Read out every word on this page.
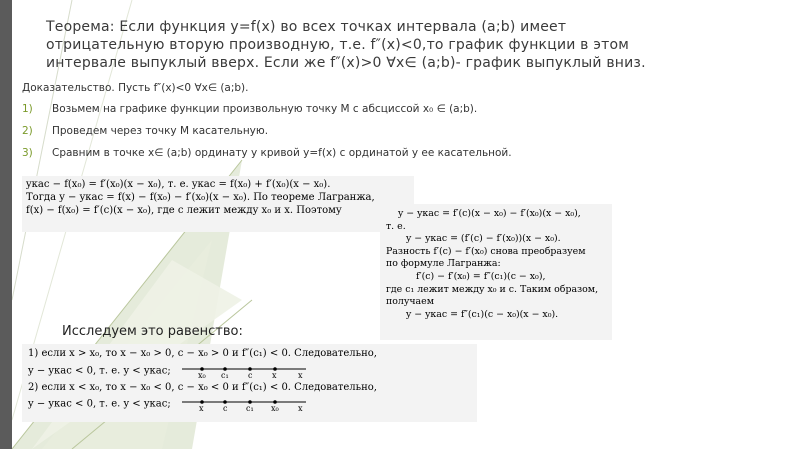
Теорема: Если функция y=f(x) во всех точках интервала (a;b) имеет
отрицательную вторую производную, т.е. f″(x)<0,то график функции в этом
интервале выпуклый вверх. Если же f″(x)>0 ∀x∈ (a;b)- график выпуклый вниз.

Доказательство. Пусть f″(x)<0 ∀x∈ (a;b).

1) Возьмем на графике функции произвольную точку M с абсциссой x₀ ∈ (a;b).
2) Проведем через точку M касательную.
3) Сравним в точке x∈ (a;b) ординату y кривой y=f(x) с ординатой y ее касательной.
yкас − f(x₀) = f′(x₀)(x − x₀), т. е. yкас = f(x₀) + f′(x₀)(x − x₀).
Тогда y − yкас = f(x) − f(x₀) − f′(x₀)(x − x₀). По теореме Лагранжа,
f(x) − f(x₀) = f′(c)(x − x₀), где c лежит между x₀ и x. Поэтому	y − yкас = f′(c)(x − x₀) − f′(x₀)(x − x₀),
т. е.
y − yкас = (f′(c) − f′(x₀))(x − x₀).
Разность f′(c) − f′(x₀) снова преобразуем
по формуле Лагранжа:
f′(c) − f′(x₀) = f″(c₁)(c − x₀),
где c₁ лежит между x₀ и c. Таким образом,
получаем
y − yкас = f″(c₁)(c − x₀)(x − x₀).
Исследуем это равенство:
1) если x > x₀, то x − x₀ > 0, c − x₀ > 0 и f″(c₁) < 0. Следовательно,
y − yкас < 0, т. е. y < yкас;	x₀ c₁ c x	x
2) если x < x₀, то x − x₀ < 0, c − x₀ < 0 и f″(c₁) < 0. Следовательно,
y − yкас < 0, т. е. y < yкас;	x c c₁ x₀ x
